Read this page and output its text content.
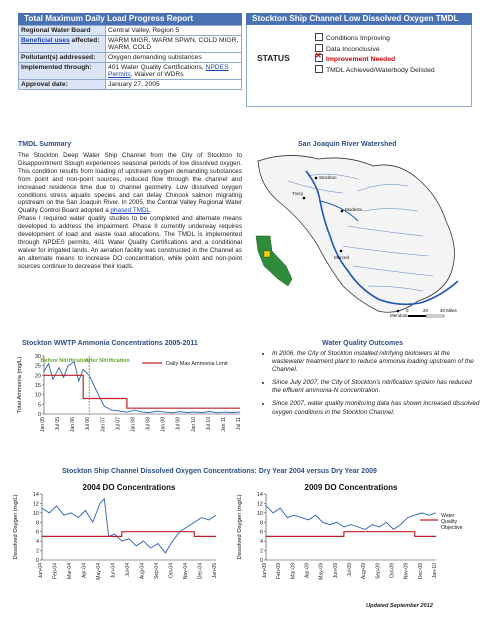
Total Maximum Daily Load Progress Report
Regional Water Board	Central Valley, Region 5
Beneficial uses affected:	WARM MIGR, WARM SPWN, COLD MIGR, WARM, COLD
Pollutant(s) addressed:	Oxygen demanding substances
Implemented through:	401 Water Quality Certifications, NPDES Permits, Waiver of WDRs
Approval date:	January 27, 2005
Stockton Ship Channel Low Dissolved Oxygen TMDL
STATUS
Conditions Improving
Data Inconclusive
✕Improvement Needed
TMDL Achieved/Waterbody Delisted
TMDL Summary

The Stockton Deep Water Ship Channel from the City of Stockton to Disappointment Slough experiences seasonal periods of low dissolved oxygen. This condition results from loading of upstream oxygen demanding substances from point and non-point sources, reduced flow through the channel and increased residence time due to channel geometry. Low dissolved oxygen conditions stress aquatic species and can delay Chinook salmon migrating upstream on the San Joaquin River. In 2005, the Central Valley Regional Water Quality Control Board adopted a phased TMDL.

Phase I required water quality studies to be completed and alternate means developed to address the impairment. Phase II currently underway requires development of load and waste load allocations. The TMDL is implemented through NPDES permits, 401 Water Quality Certifications and a conditional waiver for irrigated lands. An aeration facility was constructed in the Channel as an alternate means to increase DO concentration, while point and non-point sources continue to decrease their loads.

San Joaquin River Watershed
Stockton
Tracy
Modesto
Merced
Mendota
0	20	40 Miles
Stockton WWTP Ammonia Concentrations 2005-2011
0
5
10
15
20
25
30
Jan 05 Jul 05 Jan 06 Jul 06 Jan 07 Jul 07 Jan 08 Jul 08 Jan 09 Jul 09 Jan 10 Jul 10 Jan 11 Jul 11
Total Ammonia (mg/L)	Before Nitrification
After Nitrification	Daily Max Ammonia Limit
Water Quality Outcomes
• In 2006, the City of Stockton installed nitrifying biotowers at the wastewater treatment plant to reduce ammonia loading upstream of the Channel.
• Since July 2007, the City of Stockton's nitrification system has reduced the effluent ammonia-N concentration.
• Since 2007, water quality monitoring data has shown increased dissolved oxygen conditions in the Stockton Channel.
Stockton Ship Channel Dissolved Oxygen Concentrations: Dry Year 2004 versus Dry Year 2009
2004 DO Concentrations
0
2
4
6
8
10
12
14
Jan-04 Feb-04 Mar-04 Apr-04 May-04 Jun-04 Jul-04 Aug-04 Sep-04 Oct-04 Nov-04 Dec-04 Jan-05
Dissolved Oxygen (mg/L)
2009 DO Concentrations
0
2
4
6
8
10
12
14
Jan-09 Feb-09 Mar-09 Apr-09 May-09 Jun-09 Jul-09 Aug-09 Sep-09 Oct-09 Nov-09 Dec-09 Jan-10
Dissolved Oxygen (mg/L)	Water Quality Objective
Updated September 2012
